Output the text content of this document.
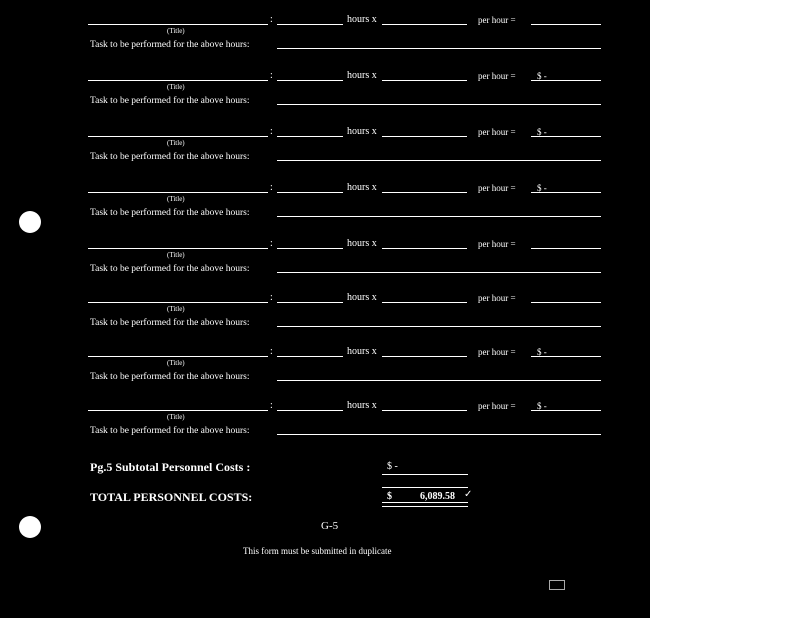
:	hours x	per hour =
(Title)
Task to be performed for the above hours:
:	hours x	per hour = $ -
(Title)
Task to be performed for the above hours:
:	hours x	per hour = $ -
(Title)
Task to be performed for the above hours:
:	hours x	per hour = $ -
(Title)
Task to be performed for the above hours:
:	hours x	per hour =
(Title)
Task to be performed for the above hours:
:	hours x	per hour =
(Title)
Task to be performed for the above hours:
:	hours x	per hour = $ -
(Title)
Task to be performed for the above hours:
:	hours x	per hour = $ -
(Title)
Task to be performed for the above hours:
Pg.5 Subtotal Personnel Costs :	$ -
TOTAL PERSONNEL COSTS:	$	6,089.58 ✓
G-5
This form must be submitted in duplicate
